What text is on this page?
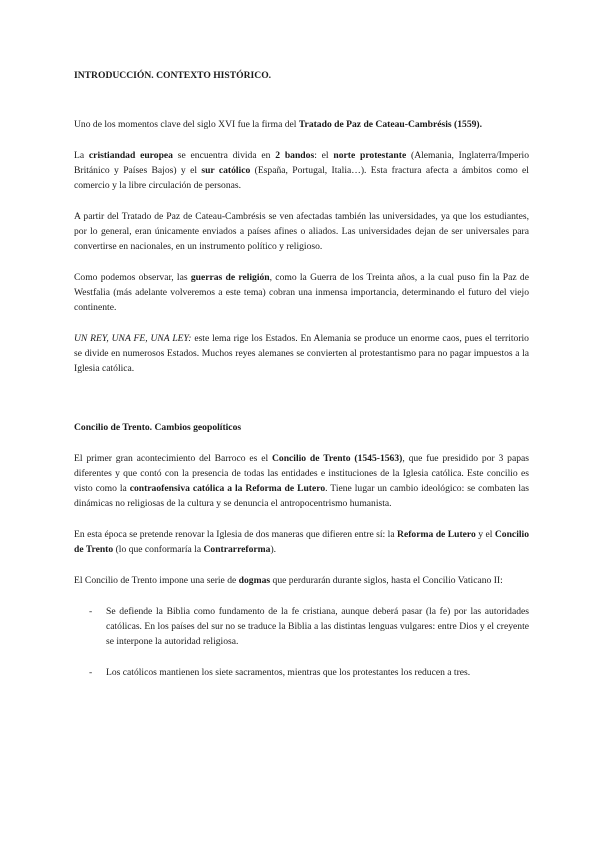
INTRODUCCIÓN. CONTEXTO HISTÓRICO.

Uno de los momentos clave del siglo XVI fue la firma del Tratado de Paz de Cateau-Cambrésis (1559).

La cristiandad europea se encuentra divida en 2 bandos: el norte protestante (Alemania, Inglaterra/Imperio Británico y Países Bajos) y el sur católico (España, Portugal, Italia…). Esta fractura afecta a ámbitos como el comercio y la libre circulación de personas.

A partir del Tratado de Paz de Cateau-Cambrésis se ven afectadas también las universidades, ya que los estudiantes, por lo general, eran únicamente enviados a países afines o aliados. Las universidades dejan de ser universales para convertirse en nacionales, en un instrumento político y religioso.

Como podemos observar, las guerras de religión, como la Guerra de los Treinta años, a la cual puso fin la Paz de Westfalia (más adelante volveremos a este tema) cobran una inmensa importancia, determinando el futuro del viejo continente.

UN REY, UNA FE, UNA LEY: este lema rige los Estados. En Alemania se produce un enorme caos, pues el territorio se divide en numerosos Estados. Muchos reyes alemanes se convierten al protestantismo para no pagar impuestos a la Iglesia católica.

Concilio de Trento. Cambios geopolíticos

El primer gran acontecimiento del Barroco es el Concilio de Trento (1545-1563), que fue presidido por 3 papas diferentes y que contó con la presencia de todas las entidades e instituciones de la Iglesia católica. Este concilio es visto como la contraofensiva católica a la Reforma de Lutero. Tiene lugar un cambio ideológico: se combaten las dinámicas no religiosas de la cultura y se denuncia el antropocentrismo humanista.

En esta época se pretende renovar la Iglesia de dos maneras que difieren entre sí: la Reforma de Lutero y el Concilio de Trento (lo que conformaría la Contrarreforma).

El Concilio de Trento impone una serie de dogmas que perdurarán durante siglos, hasta el Concilio Vaticano II:

- Se defiende la Biblia como fundamento de la fe cristiana, aunque deberá pasar (la fe) por las autoridades católicas. En los países del sur no se traduce la Biblia a las distintas lenguas vulgares: entre Dios y el creyente se interpone la autoridad religiosa.
- Los católicos mantienen los siete sacramentos, mientras que los protestantes los reducen a tres.
